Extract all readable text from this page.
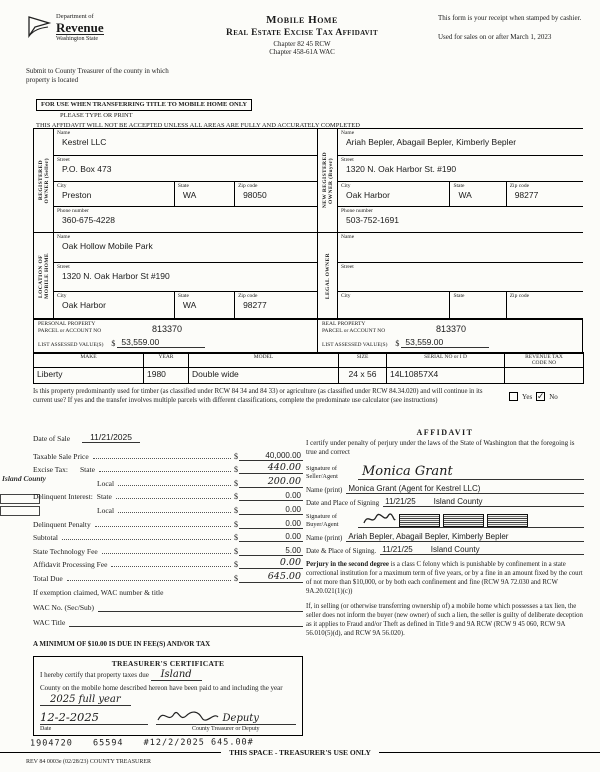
Department of
Revenue
Washington State
Mobile Home
Real Estate Excise Tax Affidavit
Chapter 82 45 RCW
Chapter 458-61A WAC
This form is your receipt when stamped by cashier.
Used for sales on or after March 1, 2023
Submit to County Treasurer of the county in which property is located
FOR USE WHEN TRANSFERRING TITLE TO MOBILE HOME ONLY
PLEASE TYPE OR PRINT
THIS AFFIDAVIT WILL NOT BE ACCEPTED UNLESS ALL AREAS ARE FULLY AND ACCURATELY COMPLETED
REGISTERED OWNER (Seller)
Name
Kestrel LLC
Street
P.O. Box 473
City
Preston
State
WA
Zip code
98050
Phone number
360-675-4228
NEW REGISTERED OWNER (Buyer)
Name
Ariah Bepler, Abagail Bepler, Kimberly Bepler
Street
1320 N. Oak Harbor St. #190
City
Oak Harbor
State
WA
Zip code
98277
Phone number
503-752-1691
LOCATION OF MOBILE HOME
Name
Oak Hollow Mobile Park
Street
1320 N. Oak Harbor St #190
City
Oak Harbor
State
WA
Zip code
98277
LEGAL OWNER
Name
Street
City	State	Zip code
PERSONAL PROPERTY
PARCEL or ACCOUNT NO	813370
LIST ASSESSED VALUE(S) $ 53,559.00
REAL PROPERTY
PARCEL or ACCOUNT NO	813370
LIST ASSESSED VALUE(S) $ 53,559.00
MAKE	YEAR	MODEL	SIZE	SERIAL NO or I D	REVENUE TAX
CODE NO

Liberty	1980	Double wide	24 x 56	14L10857X4	
Is this property predominantly used for timber (as classified under RCW 84 34 and 84 33) or agriculture (as classified under RCW 84.34.020) and will continue in its current use? If yes and the transfer involves multiple parcels with different classifications, complete the predominate use calculator (see instructions)	Yes ✓ No
Island County
Date of Sale	11/21/2025
Taxable Sale Price	$	40,000.00
Excise Tax: State	$	440.00
Local	$	200.00
Delinquent Interest: State	$	0.00
Local	$	0.00
Delinquent Penalty	$	0.00
Subtotal	$	0.00
State Technology Fee	$	5.00
Affidavit Processing Fee	$	0.00
Total Due	$	645.00
If exemption claimed, WAC number & title
WAC No. (Sec/Sub)
WAC Title
A MINIMUM OF $10.00 IS DUE IN FEE(S) AND/OR TAX
TREASURER'S CERTIFICATE
I hereby certify that property taxes due Island
County on the mobile home described hereon have been paid to and including the year 2025 full year
12-2-2025
Date
Deputy
County Treasurer or Deputy
AFFIDAVIT
I certify under penalty of perjury under the laws of the State of Washington that the foregoing is true and correct
Signature of
Seller/Agent	Monica Grant
Name (print) Monica Grant (Agent for Kestrel LLC)
Date and Place of Signing 11/21/25 Island County
Signature of
Buyer/Agent
Name (print) Ariah Bepler, Abagail Bepler, Kimberly Bepler
Date & Place of Signing. 11/21/25 Island County
Perjury in the second degree is a class C felony which is punishable by confinement in a state correctional institution for a maximum term of five years, or by a fine in an amount fixed by the court of not more than $10,000, or by both each confinement and fine (RCW 9A 72.030 and RCW 9A.20.021(1)(c))
If, in selling (or otherwise transferring ownership of) a mobile home which possesses a tax lien, the seller does not inform the buyer (new owner) of such a lien, the seller is guilty of deliberate deception as it applies to Fraud and/or Theft as defined in Title 9 and 9A RCW (RCW 9 45 060, RCW 9A 56.010(5)(d), and RCW 9A 56.020).
1904720 65594 #12/2/2025 645.00#
THIS SPACE - TREASURER'S USE ONLY
REV 84 0003e (02/28/23) COUNTY TREASURER
